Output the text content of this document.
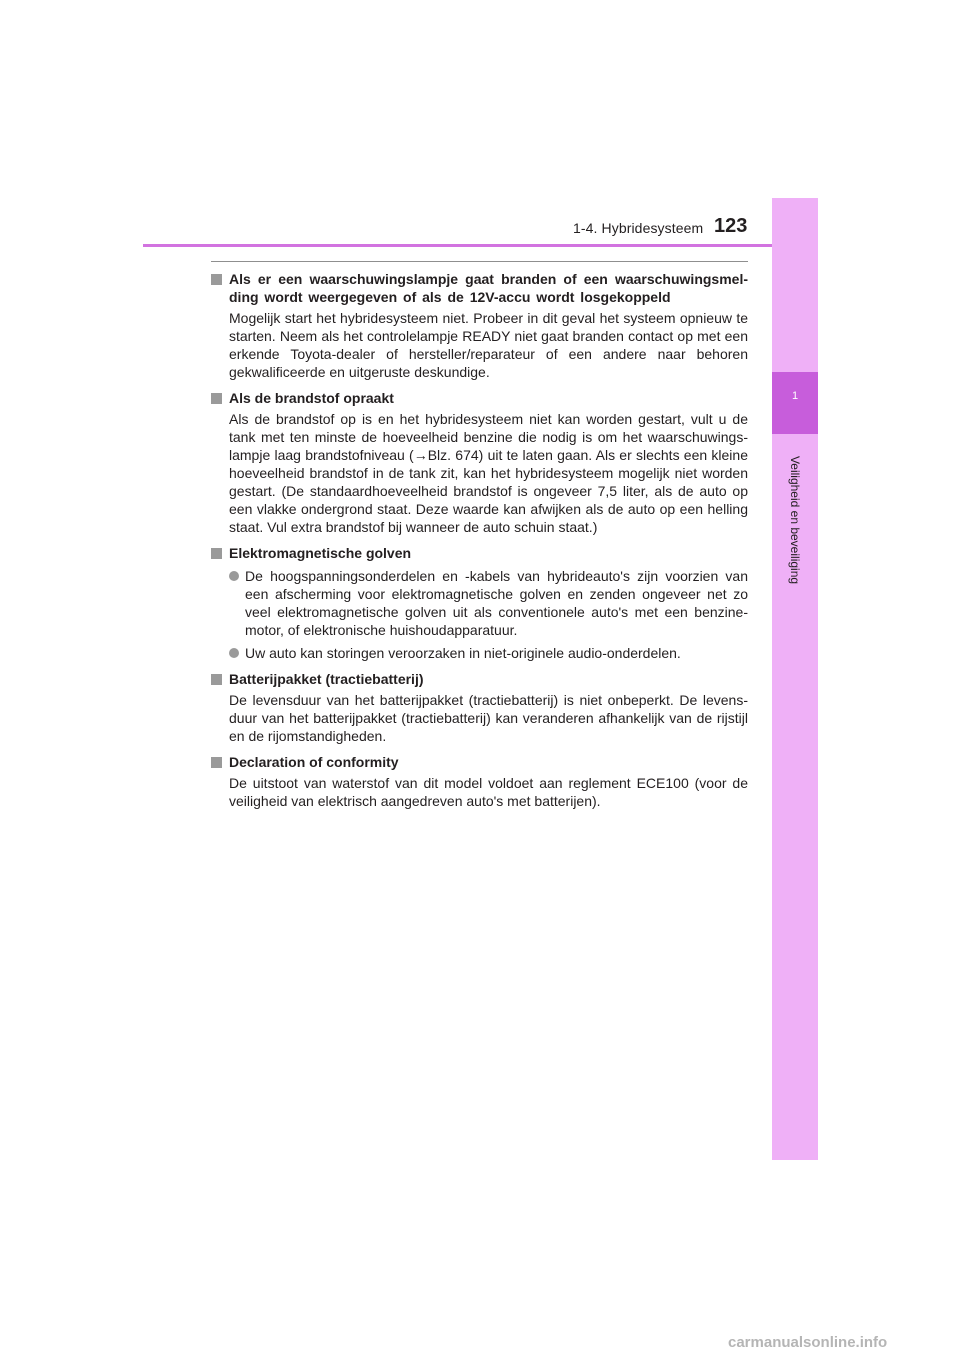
1-4. Hybridesysteem 123
1
Veiligheid en beveiliging
Als er een waarschuwingslampje gaat branden of een waarschuwingsmel-ding wordt weergegeven of als de 12V-accu wordt losgekoppeld
Mogelijk start het hybridesysteem niet. Probeer in dit geval het systeem opnieuw te starten. Neem als het controlelampje READY niet gaat branden contact op met een erkende Toyota-dealer of hersteller/reparateur of een andere naar behoren gekwalificeerde en uitgeruste deskundige.
Als de brandstof opraakt
Als de brandstof op is en het hybridesysteem niet kan worden gestart, vult u de tank met ten minste de hoeveelheid benzine die nodig is om het waarschuwings-lampje laag brandstofniveau (→Blz. 674) uit te laten gaan. Als er slechts een kleine hoeveelheid brandstof in de tank zit, kan het hybridesysteem mogelijk niet worden gestart. (De standaardhoeveelheid brandstof is ongeveer 7,5 liter, als de auto op een vlakke ondergrond staat. Deze waarde kan afwijken als de auto op een helling staat. Vul extra brandstof bij wanneer de auto schuin staat.)
Elektromagnetische golven
De hoogspanningsonderdelen en -kabels van hybrideauto's zijn voorzien van een afscherming voor elektromagnetische golven en zenden ongeveer net zo veel elektromagnetische golven uit als conventionele auto's met een benzine-motor, of elektronische huishoudapparatuur.
Uw auto kan storingen veroorzaken in niet-originele audio-onderdelen.
Batterijpakket (tractiebatterij)
De levensduur van het batterijpakket (tractiebatterij) is niet onbeperkt. De levens-duur van het batterijpakket (tractiebatterij) kan veranderen afhankelijk van de rijstijl en de rijomstandigheden.
Declaration of conformity
De uitstoot van waterstof van dit model voldoet aan reglement ECE100 (voor de veiligheid van elektrisch aangedreven auto's met batterijen).
carmanualsonline.info
